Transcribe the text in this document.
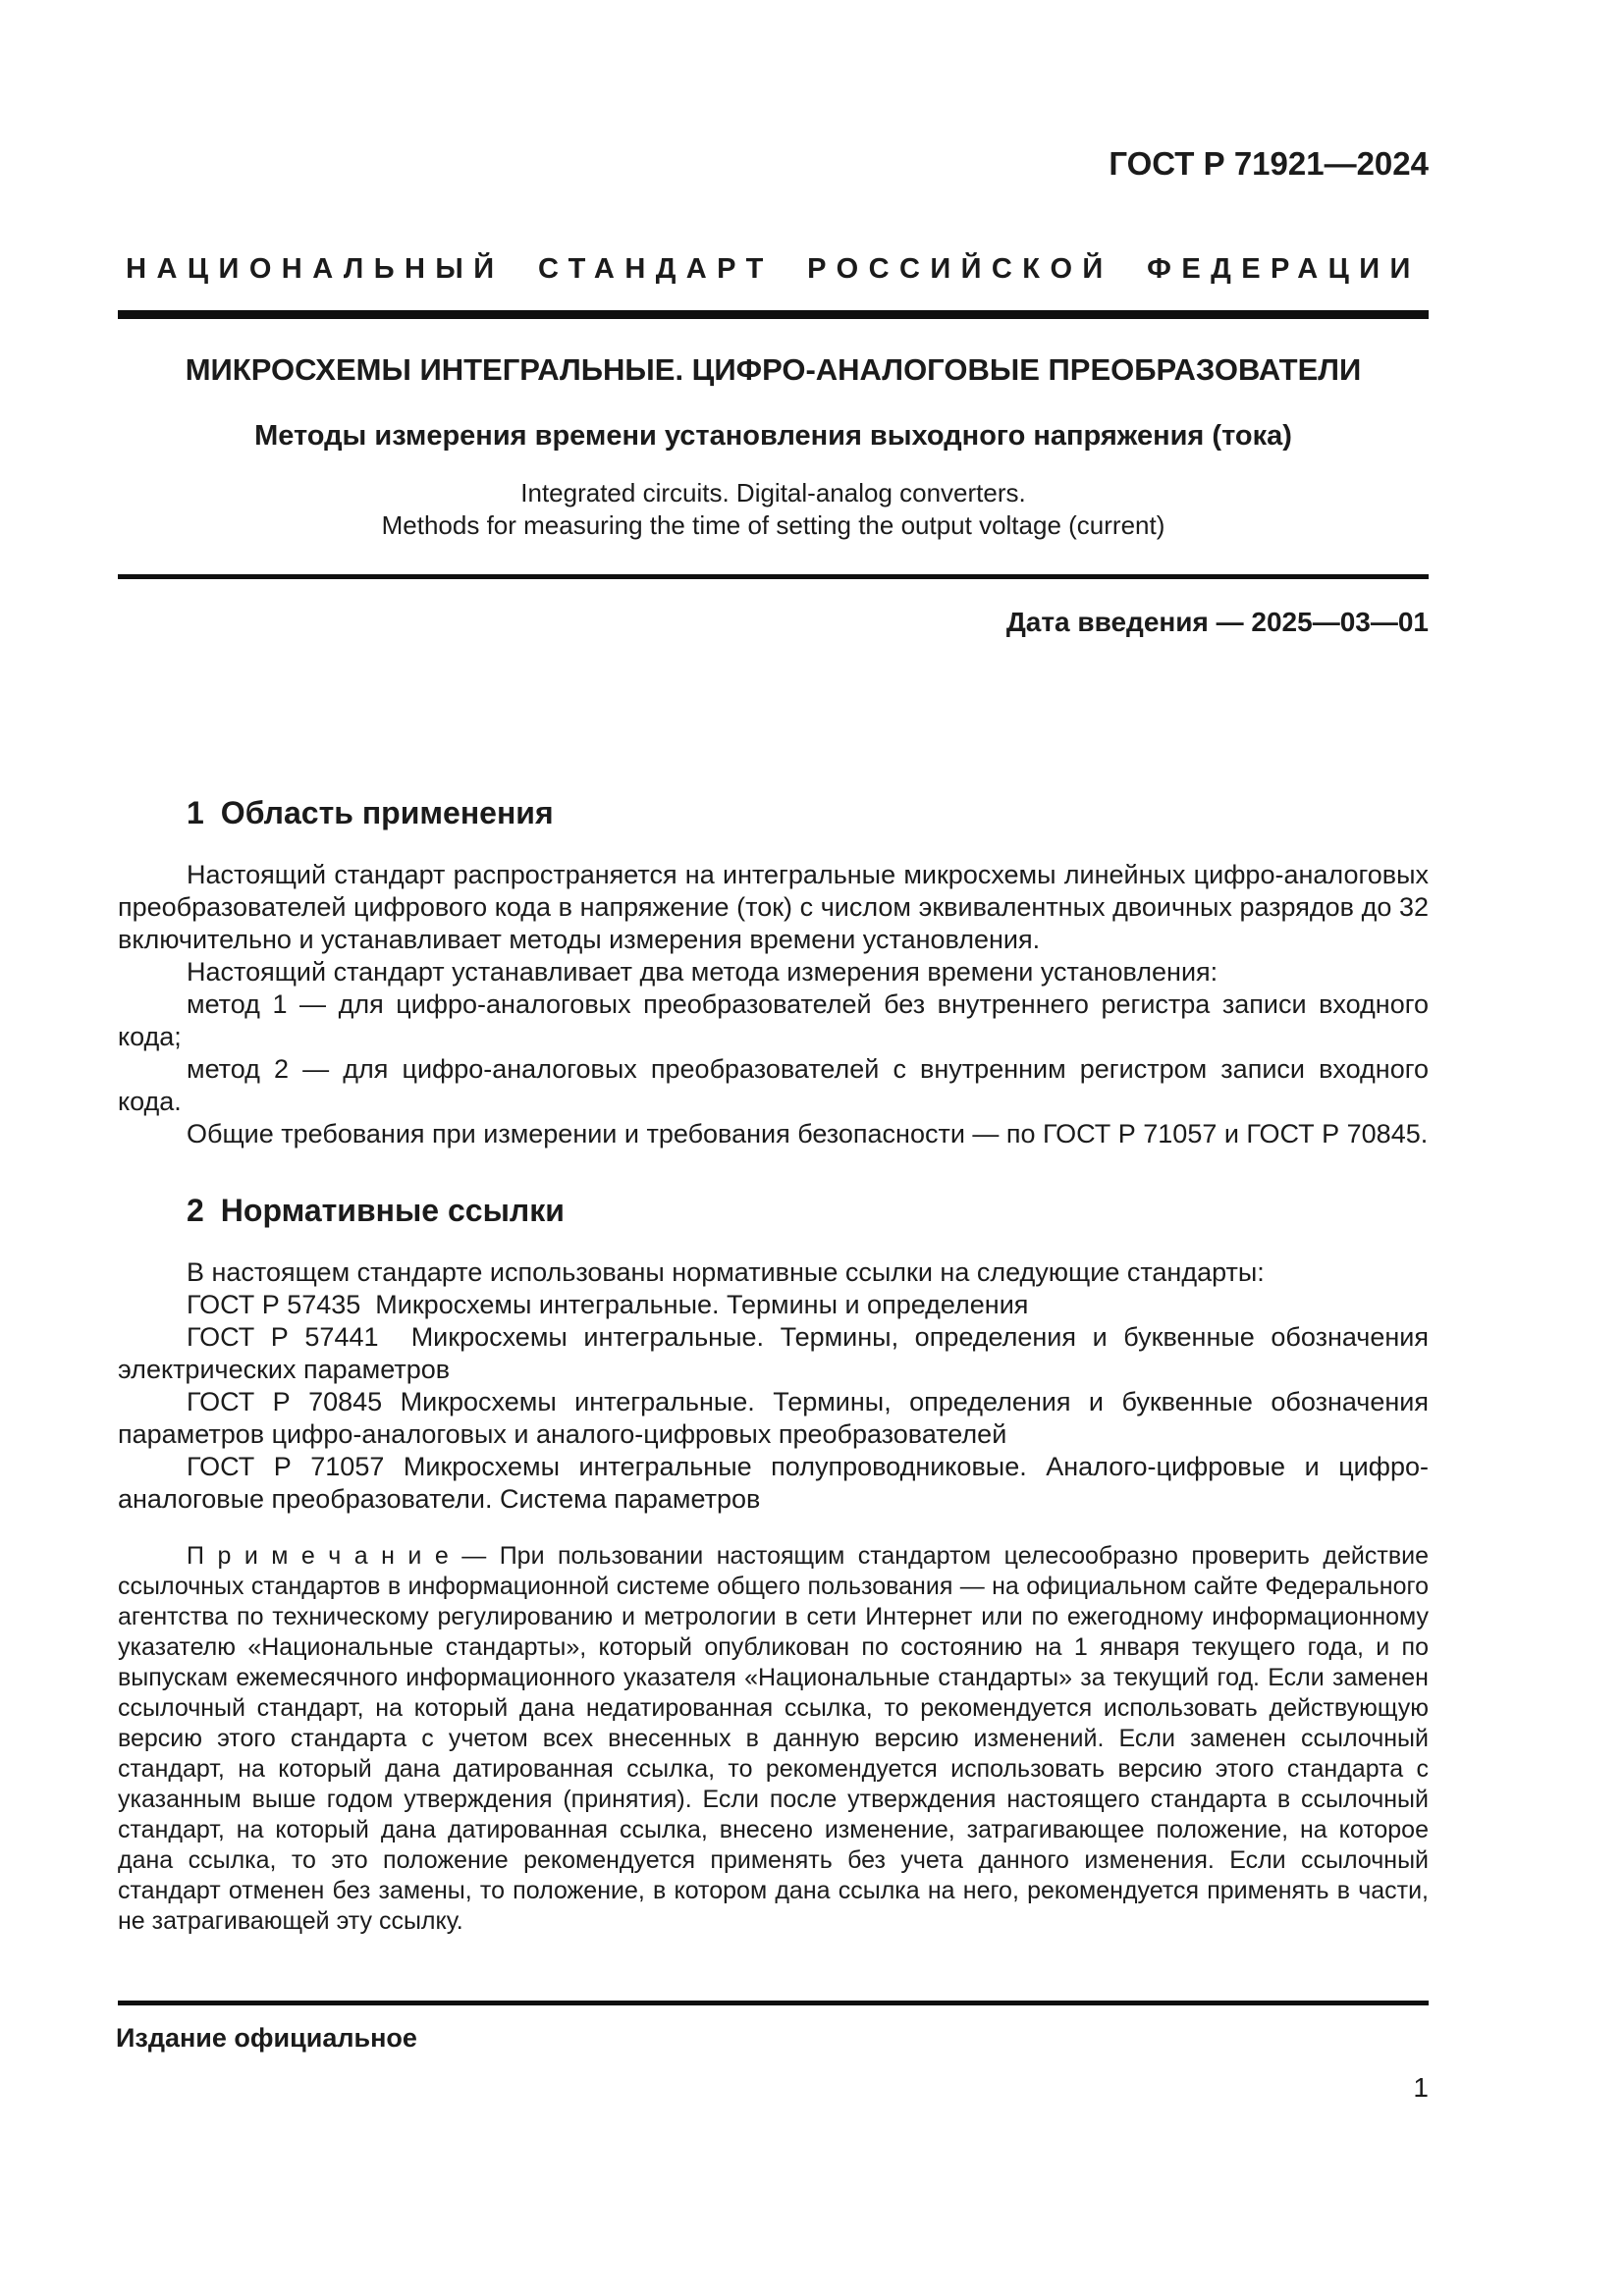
ГОСТ Р 71921—2024
НАЦИОНАЛЬНЫЙ СТАНДАРТ РОССИЙСКОЙ ФЕДЕРАЦИИ
МИКРОСХЕМЫ ИНТЕГРАЛЬНЫЕ. ЦИФРО-АНАЛОГОВЫЕ ПРЕОБРАЗОВАТЕЛИ
Методы измерения времени установления выходного напряжения (тока)
Integrated circuits. Digital-analog converters.
Methods for measuring the time of setting the output voltage (current)
Дата введения — 2025—03—01
1 Область применения

Настоящий стандарт распространяется на интегральные микросхемы линейных цифро-аналоговых преобразователей цифрового кода в напряжение (ток) с числом эквивалентных двоичных разрядов до 32 включительно и устанавливает методы измерения времени установления.

Настоящий стандарт устанавливает два метода измерения времени установления:

метод 1 — для цифро-аналоговых преобразователей без внутреннего регистра записи входного кода;

метод 2 — для цифро-аналоговых преобразователей с внутренним регистром записи входного кода.

Общие требования при измерении и требования безопасности — по ГОСТ Р 71057 и ГОСТ Р 70845.

2 Нормативные ссылки

В настоящем стандарте использованы нормативные ссылки на следующие стандарты:

ГОСТ Р 57435  Микросхемы интегральные. Термины и определения

ГОСТ Р 57441  Микросхемы интегральные. Термины, определения и буквенные обозначения электрических параметров

ГОСТ Р 70845 Микросхемы интегральные. Термины, определения и буквенные обозначения параметров цифро-аналоговых и аналого-цифровых преобразователей

ГОСТ Р 71057 Микросхемы интегральные полупроводниковые. Аналого-цифровые и цифро-аналоговые преобразователи. Система параметров

П р и м е ч а н и е — При пользовании настоящим стандартом целесообразно проверить действие ссылочных стандартов в информационной системе общего пользования — на официальном сайте Федерального агентства по техническому регулированию и метрологии в сети Интернет или по ежегодному информационному указателю «Национальные стандарты», который опубликован по состоянию на 1 января текущего года, и по выпускам ежемесячного информационного указателя «Национальные стандарты» за текущий год. Если заменен ссылочный стандарт, на который дана недатированная ссылка, то рекомендуется использовать действующую версию этого стандарта с учетом всех внесенных в данную версию изменений. Если заменен ссылочный стандарт, на который дана датированная ссылка, то рекомендуется использовать версию этого стандарта с указанным выше годом утверждения (принятия). Если после утверждения настоящего стандарта в ссылочный стандарт, на который дана датированная ссылка, внесено изменение, затрагивающее положение, на которое дана ссылка, то это положение рекомендуется применять без учета данного изменения. Если ссылочный стандарт отменен без замены, то положение, в котором дана ссылка на него, рекомендуется применять в части, не затрагивающей эту ссылку.

Издание официальное
1
